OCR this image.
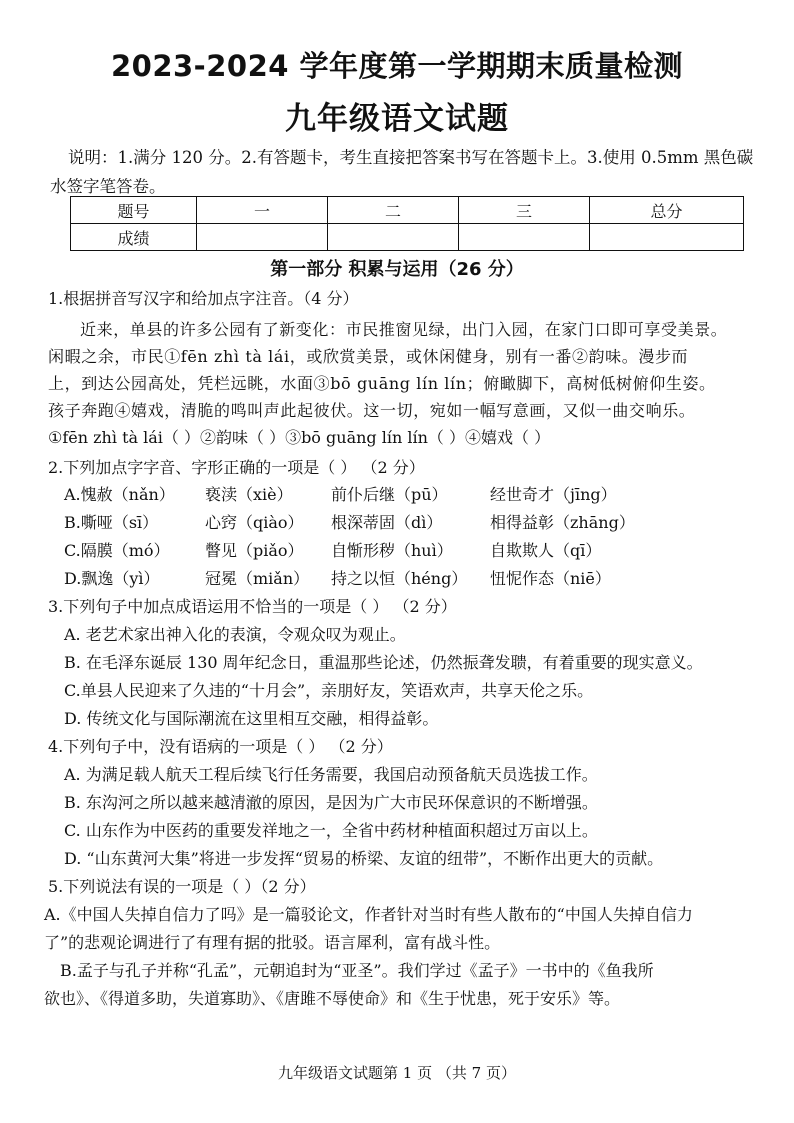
2023-2024 学年度第一学期期末质量检测
九年级语文试题
说明：1.满分 120 分。2.有答题卡，考生直接把答案书写在答题卡上。3.使用 0.5mm 黑色碳水签字笔答卷。
题号	一	二	三	总分
成绩				
第一部分 积累与运用（26 分）
1.根据拼音写汉字和给加点字注音。（4 分）
近来，单县的许多公园有了新变化：市民推窗见绿，出门入园，在家门口即可享受美景。
闲暇之余，市民①fēn zhì tà lái，或欣赏美景，或休闲健身，别有一番②韵味。漫步而
上，到达公园高处，凭栏远眺，水面③bō guāng lín lín；俯瞰脚下，高树低树俯仰生姿。
孩子奔跑④嬉戏，清脆的鸣叫声此起彼伏。这一切，宛如一幅写意画，又似一曲交响乐。
①fēn zhì tà lái（ ）②韵味（ ）③bō guāng lín lín（ ）④嬉戏（ ）
2.下列加点字字音、字形正确的一项是（ ） （2 分）
A.愧赦（nǎn） 亵渎（xiè） 前仆后继（pū）	经世奇才（jīng）
B.嘶哑（sī）	心窍（qiào） 根深蒂固（dì）	相得益彰（zhāng）
C.隔膜（mó） 瞥见（piǎo） 自惭形秽（huì） 自欺欺人（qī）
D.飘逸（yì）	冠冕（miǎn） 持之以恒（héng） 忸怩作态（niē）
3.下列句子中加点成语运用不恰当的一项是（ ） （2 分）
A. 老艺术家出神入化的表演，令观众叹为观止。
B. 在毛泽东诞辰 130 周年纪念日，重温那些论述，仍然振聋发聩，有着重要的现实意义。
C.单县人民迎来了久违的“十月会”，亲朋好友，笑语欢声，共享天伦之乐。
D. 传统文化与国际潮流在这里相互交融，相得益彰。
4.下列句子中，没有语病的一项是（ ） （2 分）
A. 为满足载人航天工程后续飞行任务需要，我国启动预备航天员选拔工作。
B. 东沟河之所以越来越清澈的原因，是因为广大市民环保意识的不断增强。
C. 山东作为中医药的重要发祥地之一，全省中药材种植面积超过万亩以上。
D. “山东黄河大集”将进一步发挥“贸易的桥梁、友谊的纽带”，不断作出更大的贡献。
5.下列说法有误的一项是（ ）（2 分）
A.《中国人失掉自信力了吗》是一篇驳论文，作者针对当时有些人散布的“中国人失掉自信力
了”的悲观论调进行了有理有据的批驳。语言犀利，富有战斗性。
B.孟子与孔子并称“孔孟”，元朝追封为“亚圣”。我们学过《孟子》一书中的《鱼我所
欲也》、《得道多助，失道寡助》、《唐雎不辱使命》和《生于忧患，死于安乐》等。
九年级语文试题第 1 页 （共 7 页）
